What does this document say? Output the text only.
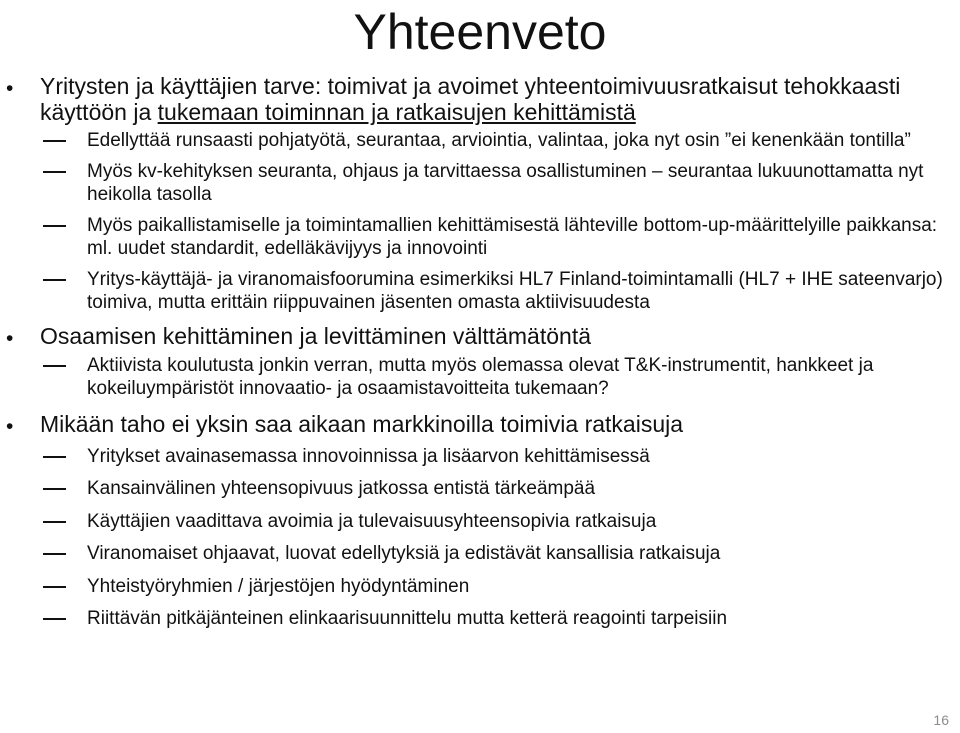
Yhteenveto
• Yritysten ja käyttäjien tarve: toimivat ja avoimet yhteentoimivuusratkaisut tehokkaasti käyttöön ja tukemaan toiminnan ja ratkaisujen kehittämistä
Edellyttää runsaasti pohjatyötä, seurantaa, arviointia, valintaa, joka nyt osin ”ei kenenkään tontilla”
Myös kv-kehityksen seuranta, ohjaus ja tarvittaessa osallistuminen – seurantaa lukuunottamatta nyt heikolla tasolla
Myös paikallistamiselle ja toimintamallien kehittämisestä lähteville bottom-up-määrittelyille paikkansa: ml. uudet standardit, edelläkävijyys ja innovointi
Yritys-käyttäjä- ja viranomaisfoorumina esimerkiksi HL7 Finland-toimintamalli (HL7 + IHE sateenvarjo) toimiva, mutta erittäin riippuvainen jäsenten omasta aktiivisuudesta
• Osaamisen kehittäminen ja levittäminen välttämätöntä
Aktiivista koulutusta jonkin verran, mutta myös olemassa olevat T&K-instrumentit, hankkeet ja kokeiluympäristöt innovaatio- ja osaamistavoitteita tukemaan?
• Mikään taho ei yksin saa aikaan markkinoilla toimivia ratkaisuja
Yritykset avainasemassa innovoinnissa ja lisäarvon kehittämisessä
Kansainvälinen yhteensopivuus jatkossa entistä tärkeämpää
Käyttäjien vaadittava avoimia ja tulevaisuusyhteensopivia ratkaisuja
Viranomaiset ohjaavat, luovat edellytyksiä ja edistävät kansallisia ratkaisuja
Yhteistyöryhmien / järjestöjen hyödyntäminen
Riittävän pitkäjänteinen elinkaarisuunnittelu mutta ketterä reagointi tarpeisiin
16
